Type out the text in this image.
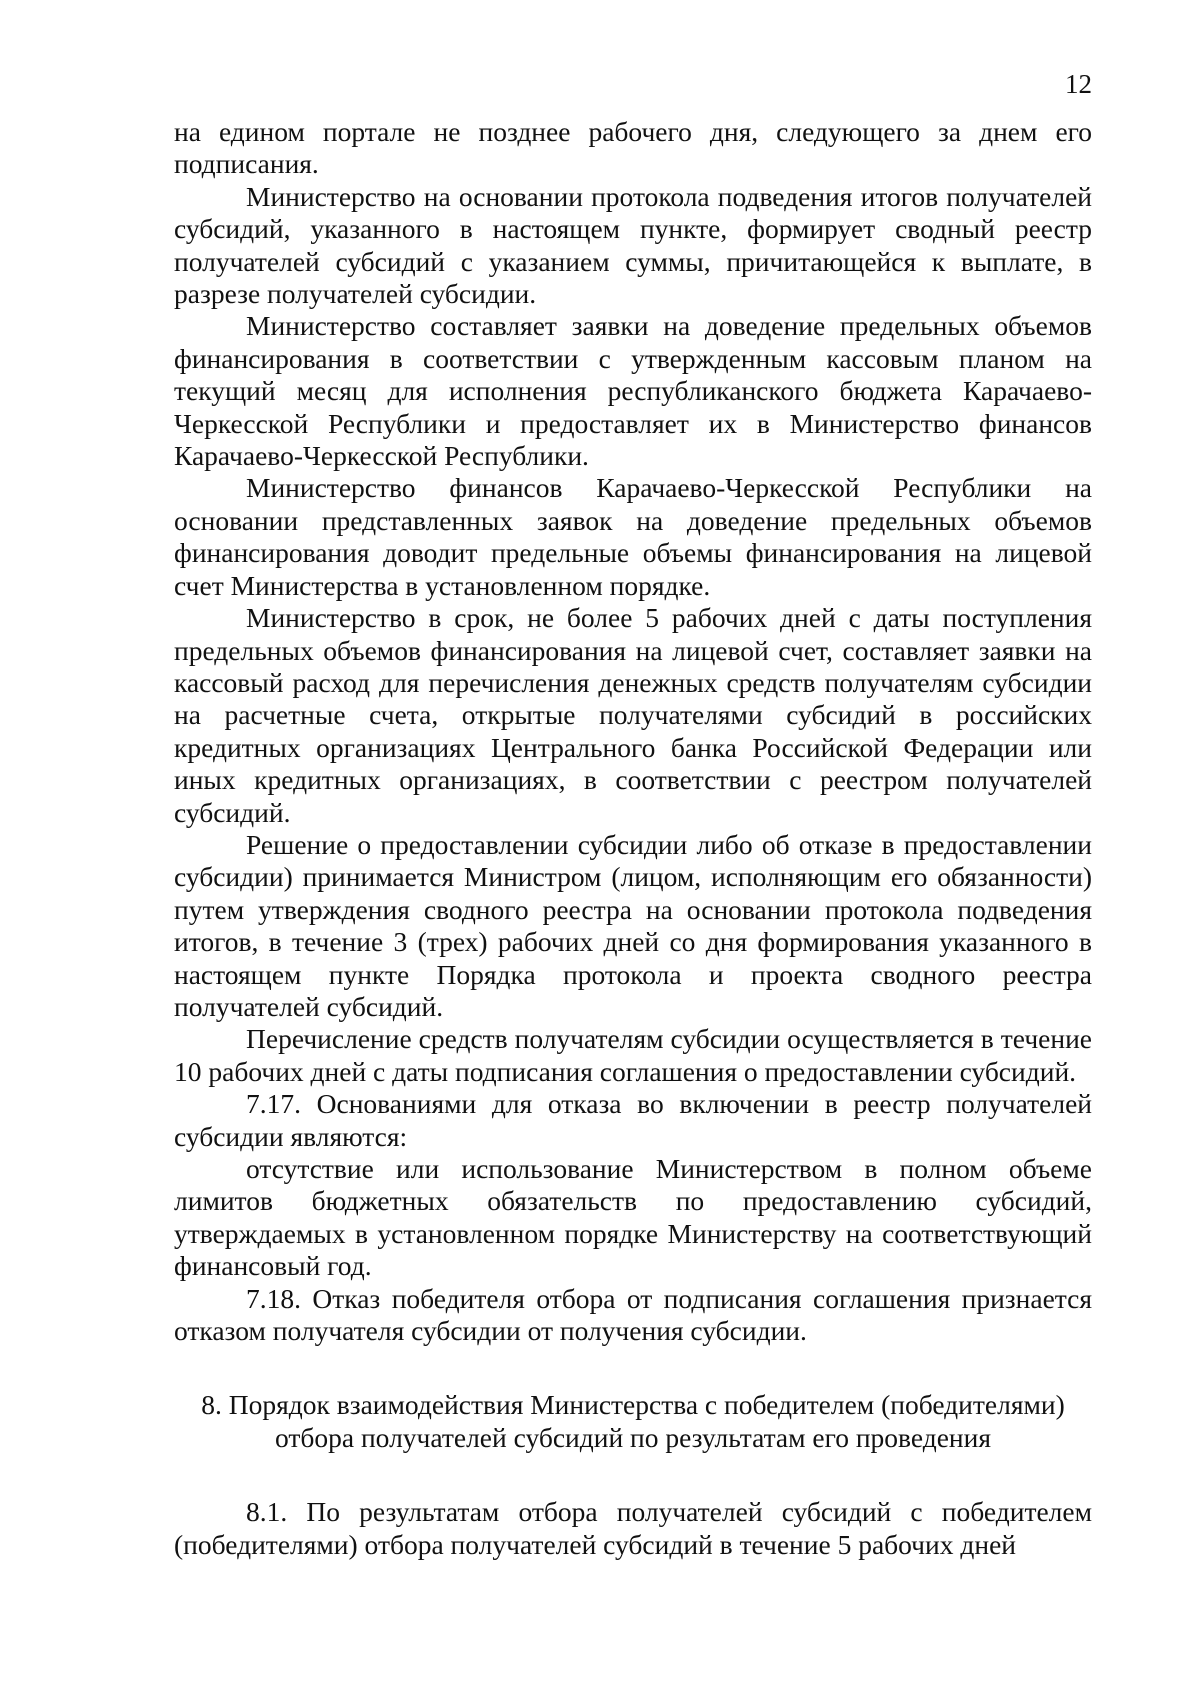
12

на едином портале не позднее рабочего дня, следующего за днем его подписания.

Министерство на основании протокола подведения итогов получателей субсидий, указанного в настоящем пункте, формирует сводный реестр получателей субсидий с указанием суммы, причитающейся к выплате, в разрезе получателей субсидии.

Министерство составляет заявки на доведение предельных объемов финансирования в соответствии с утвержденным кассовым планом на текущий месяц для исполнения республиканского бюджета Карачаево-Черкесской Республики и предоставляет их в Министерство финансов Карачаево-Черкесской Республики.

Министерство финансов Карачаево-Черкесской Республики на основании представленных заявок на доведение предельных объемов финансирования доводит предельные объемы финансирования на лицевой счет Министерства в установленном порядке.

Министерство в срок, не более 5 рабочих дней с даты поступления предельных объемов финансирования на лицевой счет, составляет заявки на кассовый расход для перечисления денежных средств получателям субсидии на расчетные счета, открытые получателями субсидий в российских кредитных организациях Центрального банка Российской Федерации или иных кредитных организациях, в соответствии с реестром получателей субсидий.

Решение о предоставлении субсидии либо об отказе в предоставлении субсидии) принимается Министром (лицом, исполняющим его обязанности) путем утверждения сводного реестра на основании протокола подведения итогов, в течение 3 (трех) рабочих дней со дня формирования указанного в настоящем пункте Порядка протокола и проекта сводного реестра получателей субсидий.

Перечисление средств получателям субсидии осуществляется в течение 10 рабочих дней с даты подписания соглашения о предоставлении субсидий.

7.17. Основаниями для отказа во включении в реестр получателей субсидии являются:

отсутствие или использование Министерством в полном объеме лимитов бюджетных обязательств по предоставлению субсидий, утверждаемых в установленном порядке Министерству на соответствующий финансовый год.

7.18. Отказ победителя отбора от подписания соглашения признается отказом получателя субсидии от получения субсидии.

8. Порядок взаимодействия Министерства с победителем (победителями) отбора получателей субсидий по результатам его проведения

8.1. По результатам отбора получателей субсидий с победителем (победителями) отбора получателей субсидий в течение 5 рабочих дней
